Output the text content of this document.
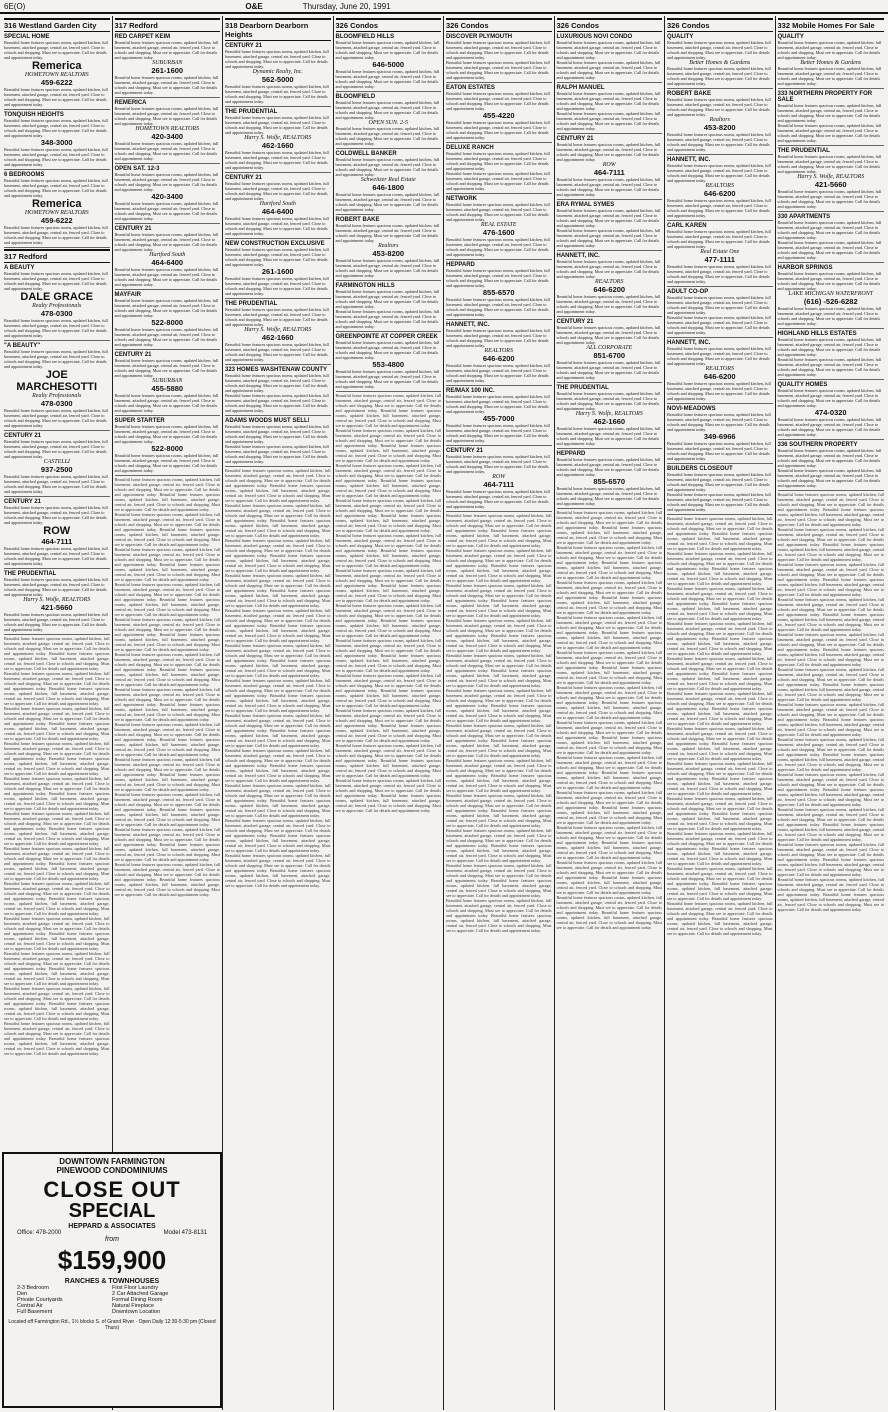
6E(O)	O&E	Thursday, June 20, 1991
316 Westland Garden City
SPECIAL HOME
Beautiful home features spacious rooms, updated kitchen, full basement, attached garage, central air, fenced yard. Close to schools and shopping. Must see to appreciate. Call for details and appointment today.
Remerica
HOMETOWN REALTORS
459-6222
Beautiful home features spacious rooms, updated kitchen, full basement, attached garage, central air, fenced yard. Close to schools and shopping. Must see to appreciate. Call for details and appointment today.
TONQUISH HEIGHTS
Beautiful home features spacious rooms, updated kitchen, full basement, attached garage, central air, fenced yard. Close to schools and shopping. Must see to appreciate. Call for details and appointment today.
348-3000
Beautiful home features spacious rooms, updated kitchen, full basement, attached garage, central air, fenced yard. Close to schools and shopping. Must see to appreciate. Call for details and appointment today.
6 BEDROOMS
Beautiful home features spacious rooms, updated kitchen, full basement, attached garage, central air, fenced yard. Close to schools and shopping. Must see to appreciate. Call for details and appointment today.
Remerica
HOMETOWN REALTORS
459-6222
Beautiful home features spacious rooms, updated kitchen, full basement, attached garage, central air, fenced yard. Close to schools and shopping. Must see to appreciate. Call for details and appointment today.
317 Redford
A BEAUTY
Beautiful home features spacious rooms, updated kitchen, full basement, attached garage, central air, fenced yard. Close to schools and shopping. Must see to appreciate. Call for details and appointment today.
DALE GRACE
Realty Professionals
478-0300
Beautiful home features spacious rooms, updated kitchen, full basement, attached garage, central air, fenced yard. Close to schools and shopping. Must see to appreciate. Call for details and appointment today.
"A BEAUTY"
Beautiful home features spacious rooms, updated kitchen, full basement, attached garage, central air, fenced yard. Close to schools and shopping. Must see to appreciate. Call for details and appointment today.
JOE MARCHESOTTI
Realty Professionals
478-0300
Beautiful home features spacious rooms, updated kitchen, full basement, attached garage, central air, fenced yard. Close to schools and shopping. Must see to appreciate. Call for details and appointment today.
CENTURY 21
Beautiful home features spacious rooms, updated kitchen, full basement, attached garage, central air, fenced yard. Close to schools and shopping. Must see to appreciate. Call for details and appointment today.
CASTELLI
937-2500
Beautiful home features spacious rooms, updated kitchen, full basement, attached garage, central air, fenced yard. Close to schools and shopping. Must see to appreciate. Call for details and appointment today.
CENTURY 21
Beautiful home features spacious rooms, updated kitchen, full basement, attached garage, central air, fenced yard. Close to schools and shopping. Must see to appreciate. Call for details and appointment today.
ROW
464-7111
Beautiful home features spacious rooms, updated kitchen, full basement, attached garage, central air, fenced yard. Close to schools and shopping. Must see to appreciate. Call for details and appointment today.
THE PRUDENTIAL
Beautiful home features spacious rooms, updated kitchen, full basement, attached garage, central air, fenced yard. Close to schools and shopping. Must see to appreciate. Call for details and appointment today.
Harry S. Wolfe, REALTORS
421-5660
Beautiful home features spacious rooms, updated kitchen, full basement, attached garage, central air, fenced yard. Close to schools and shopping. Must see to appreciate. Call for details and appointment today.
Beautiful home features spacious rooms, updated kitchen, full basement, attached garage, central air, fenced yard. Close to schools and shopping. Must see to appreciate. Call for details and appointment today. Beautiful home features spacious rooms, updated kitchen, full basement, attached garage, central air, fenced yard. Close to schools and shopping. Must see to appreciate. Call for details and appointment today.
Beautiful home features spacious rooms, updated kitchen, full basement, attached garage, central air, fenced yard. Close to schools and shopping. Must see to appreciate. Call for details and appointment today. Beautiful home features spacious rooms, updated kitchen, full basement, attached garage, central air, fenced yard. Close to schools and shopping. Must see to appreciate. Call for details and appointment today.
Beautiful home features spacious rooms, updated kitchen, full basement, attached garage, central air, fenced yard. Close to schools and shopping. Must see to appreciate. Call for details and appointment today. Beautiful home features spacious rooms, updated kitchen, full basement, attached garage, central air, fenced yard. Close to schools and shopping. Must see to appreciate. Call for details and appointment today.
Beautiful home features spacious rooms, updated kitchen, full basement, attached garage, central air, fenced yard. Close to schools and shopping. Must see to appreciate. Call for details and appointment today. Beautiful home features spacious rooms, updated kitchen, full basement, attached garage, central air, fenced yard. Close to schools and shopping. Must see to appreciate. Call for details and appointment today.
Beautiful home features spacious rooms, updated kitchen, full basement, attached garage, central air, fenced yard. Close to schools and shopping. Must see to appreciate. Call for details and appointment today. Beautiful home features spacious rooms, updated kitchen, full basement, attached garage, central air, fenced yard. Close to schools and shopping. Must see to appreciate. Call for details and appointment today.
Beautiful home features spacious rooms, updated kitchen, full basement, attached garage, central air, fenced yard. Close to schools and shopping. Must see to appreciate. Call for details and appointment today. Beautiful home features spacious rooms, updated kitchen, full basement, attached garage, central air, fenced yard. Close to schools and shopping. Must see to appreciate. Call for details and appointment today.
Beautiful home features spacious rooms, updated kitchen, full basement, attached garage, central air, fenced yard. Close to schools and shopping. Must see to appreciate. Call for details and appointment today. Beautiful home features spacious rooms, updated kitchen, full basement, attached garage, central air, fenced yard. Close to schools and shopping. Must see to appreciate. Call for details and appointment today.
Beautiful home features spacious rooms, updated kitchen, full basement, attached garage, central air, fenced yard. Close to schools and shopping. Must see to appreciate. Call for details and appointment today. Beautiful home features spacious rooms, updated kitchen, full basement, attached garage, central air, fenced yard. Close to schools and shopping. Must see to appreciate. Call for details and appointment today.
Beautiful home features spacious rooms, updated kitchen, full basement, attached garage, central air, fenced yard. Close to schools and shopping. Must see to appreciate. Call for details and appointment today. Beautiful home features spacious rooms, updated kitchen, full basement, attached garage, central air, fenced yard. Close to schools and shopping. Must see to appreciate. Call for details and appointment today.
Beautiful home features spacious rooms, updated kitchen, full basement, attached garage, central air, fenced yard. Close to schools and shopping. Must see to appreciate. Call for details and appointment today. Beautiful home features spacious rooms, updated kitchen, full basement, attached garage, central air, fenced yard. Close to schools and shopping. Must see to appreciate. Call for details and appointment today.
Beautiful home features spacious rooms, updated kitchen, full basement, attached garage, central air, fenced yard. Close to schools and shopping. Must see to appreciate. Call for details and appointment today. Beautiful home features spacious rooms, updated kitchen, full basement, attached garage, central air, fenced yard. Close to schools and shopping. Must see to appreciate. Call for details and appointment today.
Beautiful home features spacious rooms, updated kitchen, full basement, attached garage, central air, fenced yard. Close to schools and shopping. Must see to appreciate. Call for details and appointment today. Beautiful home features spacious rooms, updated kitchen, full basement, attached garage, central air, fenced yard. Close to schools and shopping. Must see to appreciate. Call for details and appointment today.
317 Redford
RED CARPET KEIM
Beautiful home features spacious rooms, updated kitchen, full basement, attached garage, central air, fenced yard. Close to schools and shopping. Must see to appreciate. Call for details and appointment today.
SUBURBAN
261-1600
Beautiful home features spacious rooms, updated kitchen, full basement, attached garage, central air, fenced yard. Close to schools and shopping. Must see to appreciate. Call for details and appointment today.
REMERICA
Beautiful home features spacious rooms, updated kitchen, full basement, attached garage, central air, fenced yard. Close to schools and shopping. Must see to appreciate. Call for details and appointment today.
HOMETOWN REALTORS
420-3400
Beautiful home features spacious rooms, updated kitchen, full basement, attached garage, central air, fenced yard. Close to schools and shopping. Must see to appreciate. Call for details and appointment today.
OPEN SAT. 12-3
Beautiful home features spacious rooms, updated kitchen, full basement, attached garage, central air, fenced yard. Close to schools and shopping. Must see to appreciate. Call for details and appointment today.
420-3400
Beautiful home features spacious rooms, updated kitchen, full basement, attached garage, central air, fenced yard. Close to schools and shopping. Must see to appreciate. Call for details and appointment today.
CENTURY 21
Beautiful home features spacious rooms, updated kitchen, full basement, attached garage, central air, fenced yard. Close to schools and shopping. Must see to appreciate. Call for details and appointment today.
Hartford South
464-6400
Beautiful home features spacious rooms, updated kitchen, full basement, attached garage, central air, fenced yard. Close to schools and shopping. Must see to appreciate. Call for details and appointment today.
MAYFAIR
Beautiful home features spacious rooms, updated kitchen, full basement, attached garage, central air, fenced yard. Close to schools and shopping. Must see to appreciate. Call for details and appointment today.
522-8000
Beautiful home features spacious rooms, updated kitchen, full basement, attached garage, central air, fenced yard. Close to schools and shopping. Must see to appreciate. Call for details and appointment today.
CENTURY 21
Beautiful home features spacious rooms, updated kitchen, full basement, attached garage, central air, fenced yard. Close to schools and shopping. Must see to appreciate. Call for details and appointment today.
SUBURBAN
455-5880
Beautiful home features spacious rooms, updated kitchen, full basement, attached garage, central air, fenced yard. Close to schools and shopping. Must see to appreciate. Call for details and appointment today.
SUPER STARTER
Beautiful home features spacious rooms, updated kitchen, full basement, attached garage, central air, fenced yard. Close to schools and shopping. Must see to appreciate. Call for details and appointment today.
522-8000
Beautiful home features spacious rooms, updated kitchen, full basement, attached garage, central air, fenced yard. Close to schools and shopping. Must see to appreciate. Call for details and appointment today.
Beautiful home features spacious rooms, updated kitchen, full basement, attached garage, central air, fenced yard. Close to schools and shopping. Must see to appreciate. Call for details and appointment today. Beautiful home features spacious rooms, updated kitchen, full basement, attached garage, central air, fenced yard. Close to schools and shopping. Must see to appreciate. Call for details and appointment today.
Beautiful home features spacious rooms, updated kitchen, full basement, attached garage, central air, fenced yard. Close to schools and shopping. Must see to appreciate. Call for details and appointment today. Beautiful home features spacious rooms, updated kitchen, full basement, attached garage, central air, fenced yard. Close to schools and shopping. Must see to appreciate. Call for details and appointment today.
Beautiful home features spacious rooms, updated kitchen, full basement, attached garage, central air, fenced yard. Close to schools and shopping. Must see to appreciate. Call for details and appointment today. Beautiful home features spacious rooms, updated kitchen, full basement, attached garage, central air, fenced yard. Close to schools and shopping. Must see to appreciate. Call for details and appointment today.
Beautiful home features spacious rooms, updated kitchen, full basement, attached garage, central air, fenced yard. Close to schools and shopping. Must see to appreciate. Call for details and appointment today. Beautiful home features spacious rooms, updated kitchen, full basement, attached garage, central air, fenced yard. Close to schools and shopping. Must see to appreciate. Call for details and appointment today.
Beautiful home features spacious rooms, updated kitchen, full basement, attached garage, central air, fenced yard. Close to schools and shopping. Must see to appreciate. Call for details and appointment today. Beautiful home features spacious rooms, updated kitchen, full basement, attached garage, central air, fenced yard. Close to schools and shopping. Must see to appreciate. Call for details and appointment today.
Beautiful home features spacious rooms, updated kitchen, full basement, attached garage, central air, fenced yard. Close to schools and shopping. Must see to appreciate. Call for details and appointment today. Beautiful home features spacious rooms, updated kitchen, full basement, attached garage, central air, fenced yard. Close to schools and shopping. Must see to appreciate. Call for details and appointment today.
Beautiful home features spacious rooms, updated kitchen, full basement, attached garage, central air, fenced yard. Close to schools and shopping. Must see to appreciate. Call for details and appointment today. Beautiful home features spacious rooms, updated kitchen, full basement, attached garage, central air, fenced yard. Close to schools and shopping. Must see to appreciate. Call for details and appointment today.
Beautiful home features spacious rooms, updated kitchen, full basement, attached garage, central air, fenced yard. Close to schools and shopping. Must see to appreciate. Call for details and appointment today. Beautiful home features spacious rooms, updated kitchen, full basement, attached garage, central air, fenced yard. Close to schools and shopping. Must see to appreciate. Call for details and appointment today.
Beautiful home features spacious rooms, updated kitchen, full basement, attached garage, central air, fenced yard. Close to schools and shopping. Must see to appreciate. Call for details and appointment today. Beautiful home features spacious rooms, updated kitchen, full basement, attached garage, central air, fenced yard. Close to schools and shopping. Must see to appreciate. Call for details and appointment today.
Beautiful home features spacious rooms, updated kitchen, full basement, attached garage, central air, fenced yard. Close to schools and shopping. Must see to appreciate. Call for details and appointment today. Beautiful home features spacious rooms, updated kitchen, full basement, attached garage, central air, fenced yard. Close to schools and shopping. Must see to appreciate. Call for details and appointment today.
Beautiful home features spacious rooms, updated kitchen, full basement, attached garage, central air, fenced yard. Close to schools and shopping. Must see to appreciate. Call for details and appointment today. Beautiful home features spacious rooms, updated kitchen, full basement, attached garage, central air, fenced yard. Close to schools and shopping. Must see to appreciate. Call for details and appointment today.
Beautiful home features spacious rooms, updated kitchen, full basement, attached garage, central air, fenced yard. Close to schools and shopping. Must see to appreciate. Call for details and appointment today. Beautiful home features spacious rooms, updated kitchen, full basement, attached garage, central air, fenced yard. Close to schools and shopping. Must see to appreciate. Call for details and appointment today.
318 Dearborn Dearborn Heights
CENTURY 21
Beautiful home features spacious rooms, updated kitchen, full basement, attached garage, central air, fenced yard. Close to schools and shopping. Must see to appreciate. Call for details and appointment today.
Dynamic Realty, Inc.
562-5000
Beautiful home features spacious rooms, updated kitchen, full basement, attached garage, central air, fenced yard. Close to schools and shopping. Must see to appreciate. Call for details and appointment today.
THE PRUDENTIAL
Beautiful home features spacious rooms, updated kitchen, full basement, attached garage, central air, fenced yard. Close to schools and shopping. Must see to appreciate. Call for details and appointment today.
Harry S. Wolfe, REALTORS
462-1660
Beautiful home features spacious rooms, updated kitchen, full basement, attached garage, central air, fenced yard. Close to schools and shopping. Must see to appreciate. Call for details and appointment today.
CENTURY 21
Beautiful home features spacious rooms, updated kitchen, full basement, attached garage, central air, fenced yard. Close to schools and shopping. Must see to appreciate. Call for details and appointment today.
Hartford South
464-6400
Beautiful home features spacious rooms, updated kitchen, full basement, attached garage, central air, fenced yard. Close to schools and shopping. Must see to appreciate. Call for details and appointment today.
NEW CONSTRUCTION EXCLUSIVE
Beautiful home features spacious rooms, updated kitchen, full basement, attached garage, central air, fenced yard. Close to schools and shopping. Must see to appreciate. Call for details and appointment today.
261-1600
Beautiful home features spacious rooms, updated kitchen, full basement, attached garage, central air, fenced yard. Close to schools and shopping. Must see to appreciate. Call for details and appointment today.
THE PRUDENTIAL
Beautiful home features spacious rooms, updated kitchen, full basement, attached garage, central air, fenced yard. Close to schools and shopping. Must see to appreciate. Call for details and appointment today.
Harry S. Wolfe, REALTORS
462-1660
Beautiful home features spacious rooms, updated kitchen, full basement, attached garage, central air, fenced yard. Close to schools and shopping. Must see to appreciate. Call for details and appointment today.
323 HOMES WASHTENAW COUNTY
Beautiful home features spacious rooms, updated kitchen, full basement, attached garage, central air, fenced yard. Close to schools and shopping. Must see to appreciate. Call for details and appointment today.
Beautiful home features spacious rooms, updated kitchen, full basement, attached garage, central air, fenced yard. Close to schools and shopping. Must see to appreciate. Call for details and appointment today.
ADAMS WOODS MUST SELL!
Beautiful home features spacious rooms, updated kitchen, full basement, attached garage, central air, fenced yard. Close to schools and shopping. Must see to appreciate. Call for details and appointment today.
Beautiful home features spacious rooms, updated kitchen, full basement, attached garage, central air, fenced yard. Close to schools and shopping. Must see to appreciate. Call for details and appointment today.
Beautiful home features spacious rooms, updated kitchen, full basement, attached garage, central air, fenced yard. Close to schools and shopping. Must see to appreciate. Call for details and appointment today. Beautiful home features spacious rooms, updated kitchen, full basement, attached garage, central air, fenced yard. Close to schools and shopping. Must see to appreciate. Call for details and appointment today.
Beautiful home features spacious rooms, updated kitchen, full basement, attached garage, central air, fenced yard. Close to schools and shopping. Must see to appreciate. Call for details and appointment today. Beautiful home features spacious rooms, updated kitchen, full basement, attached garage, central air, fenced yard. Close to schools and shopping. Must see to appreciate. Call for details and appointment today.
Beautiful home features spacious rooms, updated kitchen, full basement, attached garage, central air, fenced yard. Close to schools and shopping. Must see to appreciate. Call for details and appointment today. Beautiful home features spacious rooms, updated kitchen, full basement, attached garage, central air, fenced yard. Close to schools and shopping. Must see to appreciate. Call for details and appointment today.
Beautiful home features spacious rooms, updated kitchen, full basement, attached garage, central air, fenced yard. Close to schools and shopping. Must see to appreciate. Call for details and appointment today. Beautiful home features spacious rooms, updated kitchen, full basement, attached garage, central air, fenced yard. Close to schools and shopping. Must see to appreciate. Call for details and appointment today.
Beautiful home features spacious rooms, updated kitchen, full basement, attached garage, central air, fenced yard. Close to schools and shopping. Must see to appreciate. Call for details and appointment today. Beautiful home features spacious rooms, updated kitchen, full basement, attached garage, central air, fenced yard. Close to schools and shopping. Must see to appreciate. Call for details and appointment today.
Beautiful home features spacious rooms, updated kitchen, full basement, attached garage, central air, fenced yard. Close to schools and shopping. Must see to appreciate. Call for details and appointment today. Beautiful home features spacious rooms, updated kitchen, full basement, attached garage, central air, fenced yard. Close to schools and shopping. Must see to appreciate. Call for details and appointment today.
Beautiful home features spacious rooms, updated kitchen, full basement, attached garage, central air, fenced yard. Close to schools and shopping. Must see to appreciate. Call for details and appointment today. Beautiful home features spacious rooms, updated kitchen, full basement, attached garage, central air, fenced yard. Close to schools and shopping. Must see to appreciate. Call for details and appointment today.
Beautiful home features spacious rooms, updated kitchen, full basement, attached garage, central air, fenced yard. Close to schools and shopping. Must see to appreciate. Call for details and appointment today. Beautiful home features spacious rooms, updated kitchen, full basement, attached garage, central air, fenced yard. Close to schools and shopping. Must see to appreciate. Call for details and appointment today.
Beautiful home features spacious rooms, updated kitchen, full basement, attached garage, central air, fenced yard. Close to schools and shopping. Must see to appreciate. Call for details and appointment today. Beautiful home features spacious rooms, updated kitchen, full basement, attached garage, central air, fenced yard. Close to schools and shopping. Must see to appreciate. Call for details and appointment today.
Beautiful home features spacious rooms, updated kitchen, full basement, attached garage, central air, fenced yard. Close to schools and shopping. Must see to appreciate. Call for details and appointment today. Beautiful home features spacious rooms, updated kitchen, full basement, attached garage, central air, fenced yard. Close to schools and shopping. Must see to appreciate. Call for details and appointment today.
Beautiful home features spacious rooms, updated kitchen, full basement, attached garage, central air, fenced yard. Close to schools and shopping. Must see to appreciate. Call for details and appointment today. Beautiful home features spacious rooms, updated kitchen, full basement, attached garage, central air, fenced yard. Close to schools and shopping. Must see to appreciate. Call for details and appointment today.
Beautiful home features spacious rooms, updated kitchen, full basement, attached garage, central air, fenced yard. Close to schools and shopping. Must see to appreciate. Call for details and appointment today. Beautiful home features spacious rooms, updated kitchen, full basement, attached garage, central air, fenced yard. Close to schools and shopping. Must see to appreciate. Call for details and appointment today.
326 Condos
BLOOMFIELD HILLS
Beautiful home features spacious rooms, updated kitchen, full basement, attached garage, central air, fenced yard. Close to schools and shopping. Must see to appreciate. Call for details and appointment today.
646-5000
Beautiful home features spacious rooms, updated kitchen, full basement, attached garage, central air, fenced yard. Close to schools and shopping. Must see to appreciate. Call for details and appointment today.
BLOOMFIELD
Beautiful home features spacious rooms, updated kitchen, full basement, attached garage, central air, fenced yard. Close to schools and shopping. Must see to appreciate. Call for details and appointment today.
OPEN SUN. 2-5
Beautiful home features spacious rooms, updated kitchen, full basement, attached garage, central air, fenced yard. Close to schools and shopping. Must see to appreciate. Call for details and appointment today.
COLDWELL BANKER
Beautiful home features spacious rooms, updated kitchen, full basement, attached garage, central air, fenced yard. Close to schools and shopping. Must see to appreciate. Call for details and appointment today.
Schweitzer Real Estate
646-1800
Beautiful home features spacious rooms, updated kitchen, full basement, attached garage, central air, fenced yard. Close to schools and shopping. Must see to appreciate. Call for details and appointment today.
ROBERT BAKE
Beautiful home features spacious rooms, updated kitchen, full basement, attached garage, central air, fenced yard. Close to schools and shopping. Must see to appreciate. Call for details and appointment today.
Realtors
453-8200
Beautiful home features spacious rooms, updated kitchen, full basement, attached garage, central air, fenced yard. Close to schools and shopping. Must see to appreciate. Call for details and appointment today.
FARMINGTON HILLS
Beautiful home features spacious rooms, updated kitchen, full basement, attached garage, central air, fenced yard. Close to schools and shopping. Must see to appreciate. Call for details and appointment today.
Beautiful home features spacious rooms, updated kitchen, full basement, attached garage, central air, fenced yard. Close to schools and shopping. Must see to appreciate. Call for details and appointment today.
GREENPOINTE AT COPPER CREEK
Beautiful home features spacious rooms, updated kitchen, full basement, attached garage, central air, fenced yard. Close to schools and shopping. Must see to appreciate. Call for details and appointment today.
553-4800
Beautiful home features spacious rooms, updated kitchen, full basement, attached garage, central air, fenced yard. Close to schools and shopping. Must see to appreciate. Call for details and appointment today.
Beautiful home features spacious rooms, updated kitchen, full basement, attached garage, central air, fenced yard. Close to schools and shopping. Must see to appreciate. Call for details and appointment today. Beautiful home features spacious rooms, updated kitchen, full basement, attached garage, central air, fenced yard. Close to schools and shopping. Must see to appreciate. Call for details and appointment today.
Beautiful home features spacious rooms, updated kitchen, full basement, attached garage, central air, fenced yard. Close to schools and shopping. Must see to appreciate. Call for details and appointment today. Beautiful home features spacious rooms, updated kitchen, full basement, attached garage, central air, fenced yard. Close to schools and shopping. Must see to appreciate. Call for details and appointment today.
Beautiful home features spacious rooms, updated kitchen, full basement, attached garage, central air, fenced yard. Close to schools and shopping. Must see to appreciate. Call for details and appointment today. Beautiful home features spacious rooms, updated kitchen, full basement, attached garage, central air, fenced yard. Close to schools and shopping. Must see to appreciate. Call for details and appointment today.
Beautiful home features spacious rooms, updated kitchen, full basement, attached garage, central air, fenced yard. Close to schools and shopping. Must see to appreciate. Call for details and appointment today. Beautiful home features spacious rooms, updated kitchen, full basement, attached garage, central air, fenced yard. Close to schools and shopping. Must see to appreciate. Call for details and appointment today.
Beautiful home features spacious rooms, updated kitchen, full basement, attached garage, central air, fenced yard. Close to schools and shopping. Must see to appreciate. Call for details and appointment today. Beautiful home features spacious rooms, updated kitchen, full basement, attached garage, central air, fenced yard. Close to schools and shopping. Must see to appreciate. Call for details and appointment today.
Beautiful home features spacious rooms, updated kitchen, full basement, attached garage, central air, fenced yard. Close to schools and shopping. Must see to appreciate. Call for details and appointment today. Beautiful home features spacious rooms, updated kitchen, full basement, attached garage, central air, fenced yard. Close to schools and shopping. Must see to appreciate. Call for details and appointment today.
Beautiful home features spacious rooms, updated kitchen, full basement, attached garage, central air, fenced yard. Close to schools and shopping. Must see to appreciate. Call for details and appointment today. Beautiful home features spacious rooms, updated kitchen, full basement, attached garage, central air, fenced yard. Close to schools and shopping. Must see to appreciate. Call for details and appointment today.
Beautiful home features spacious rooms, updated kitchen, full basement, attached garage, central air, fenced yard. Close to schools and shopping. Must see to appreciate. Call for details and appointment today. Beautiful home features spacious rooms, updated kitchen, full basement, attached garage, central air, fenced yard. Close to schools and shopping. Must see to appreciate. Call for details and appointment today.
Beautiful home features spacious rooms, updated kitchen, full basement, attached garage, central air, fenced yard. Close to schools and shopping. Must see to appreciate. Call for details and appointment today. Beautiful home features spacious rooms, updated kitchen, full basement, attached garage, central air, fenced yard. Close to schools and shopping. Must see to appreciate. Call for details and appointment today.
Beautiful home features spacious rooms, updated kitchen, full basement, attached garage, central air, fenced yard. Close to schools and shopping. Must see to appreciate. Call for details and appointment today. Beautiful home features spacious rooms, updated kitchen, full basement, attached garage, central air, fenced yard. Close to schools and shopping. Must see to appreciate. Call for details and appointment today.
Beautiful home features spacious rooms, updated kitchen, full basement, attached garage, central air, fenced yard. Close to schools and shopping. Must see to appreciate. Call for details and appointment today. Beautiful home features spacious rooms, updated kitchen, full basement, attached garage, central air, fenced yard. Close to schools and shopping. Must see to appreciate. Call for details and appointment today.
Beautiful home features spacious rooms, updated kitchen, full basement, attached garage, central air, fenced yard. Close to schools and shopping. Must see to appreciate. Call for details and appointment today. Beautiful home features spacious rooms, updated kitchen, full basement, attached garage, central air, fenced yard. Close to schools and shopping. Must see to appreciate. Call for details and appointment today.
326 Condos
DISCOVER PLYMOUTH
Beautiful home features spacious rooms, updated kitchen, full basement, attached garage, central air, fenced yard. Close to schools and shopping. Must see to appreciate. Call for details and appointment today.
Beautiful home features spacious rooms, updated kitchen, full basement, attached garage, central air, fenced yard. Close to schools and shopping. Must see to appreciate. Call for details and appointment today.
EATON ESTATES
Beautiful home features spacious rooms, updated kitchen, full basement, attached garage, central air, fenced yard. Close to schools and shopping. Must see to appreciate. Call for details and appointment today.
455-4220
Beautiful home features spacious rooms, updated kitchen, full basement, attached garage, central air, fenced yard. Close to schools and shopping. Must see to appreciate. Call for details and appointment today.
DELUXE RANCH
Beautiful home features spacious rooms, updated kitchen, full basement, attached garage, central air, fenced yard. Close to schools and shopping. Must see to appreciate. Call for details and appointment today.
Beautiful home features spacious rooms, updated kitchen, full basement, attached garage, central air, fenced yard. Close to schools and shopping. Must see to appreciate. Call for details and appointment today.
NETWORK
Beautiful home features spacious rooms, updated kitchen, full basement, attached garage, central air, fenced yard. Close to schools and shopping. Must see to appreciate. Call for details and appointment today.
REAL ESTATE
476-1600
Beautiful home features spacious rooms, updated kitchen, full basement, attached garage, central air, fenced yard. Close to schools and shopping. Must see to appreciate. Call for details and appointment today.
HEPPARD
Beautiful home features spacious rooms, updated kitchen, full basement, attached garage, central air, fenced yard. Close to schools and shopping. Must see to appreciate. Call for details and appointment today.
855-6570
Beautiful home features spacious rooms, updated kitchen, full basement, attached garage, central air, fenced yard. Close to schools and shopping. Must see to appreciate. Call for details and appointment today.
HANNETT, INC.
Beautiful home features spacious rooms, updated kitchen, full basement, attached garage, central air, fenced yard. Close to schools and shopping. Must see to appreciate. Call for details and appointment today.
REALTORS
646-6200
Beautiful home features spacious rooms, updated kitchen, full basement, attached garage, central air, fenced yard. Close to schools and shopping. Must see to appreciate. Call for details and appointment today.
RE/MAX 100 INC.
Beautiful home features spacious rooms, updated kitchen, full basement, attached garage, central air, fenced yard. Close to schools and shopping. Must see to appreciate. Call for details and appointment today.
455-7000
Beautiful home features spacious rooms, updated kitchen, full basement, attached garage, central air, fenced yard. Close to schools and shopping. Must see to appreciate. Call for details and appointment today.
CENTURY 21
Beautiful home features spacious rooms, updated kitchen, full basement, attached garage, central air, fenced yard. Close to schools and shopping. Must see to appreciate. Call for details and appointment today.
ROW
464-7111
Beautiful home features spacious rooms, updated kitchen, full basement, attached garage, central air, fenced yard. Close to schools and shopping. Must see to appreciate. Call for details and appointment today.
Beautiful home features spacious rooms, updated kitchen, full basement, attached garage, central air, fenced yard. Close to schools and shopping. Must see to appreciate. Call for details and appointment today. Beautiful home features spacious rooms, updated kitchen, full basement, attached garage, central air, fenced yard. Close to schools and shopping. Must see to appreciate. Call for details and appointment today.
Beautiful home features spacious rooms, updated kitchen, full basement, attached garage, central air, fenced yard. Close to schools and shopping. Must see to appreciate. Call for details and appointment today. Beautiful home features spacious rooms, updated kitchen, full basement, attached garage, central air, fenced yard. Close to schools and shopping. Must see to appreciate. Call for details and appointment today.
Beautiful home features spacious rooms, updated kitchen, full basement, attached garage, central air, fenced yard. Close to schools and shopping. Must see to appreciate. Call for details and appointment today. Beautiful home features spacious rooms, updated kitchen, full basement, attached garage, central air, fenced yard. Close to schools and shopping. Must see to appreciate. Call for details and appointment today.
Beautiful home features spacious rooms, updated kitchen, full basement, attached garage, central air, fenced yard. Close to schools and shopping. Must see to appreciate. Call for details and appointment today. Beautiful home features spacious rooms, updated kitchen, full basement, attached garage, central air, fenced yard. Close to schools and shopping. Must see to appreciate. Call for details and appointment today.
Beautiful home features spacious rooms, updated kitchen, full basement, attached garage, central air, fenced yard. Close to schools and shopping. Must see to appreciate. Call for details and appointment today. Beautiful home features spacious rooms, updated kitchen, full basement, attached garage, central air, fenced yard. Close to schools and shopping. Must see to appreciate. Call for details and appointment today.
Beautiful home features spacious rooms, updated kitchen, full basement, attached garage, central air, fenced yard. Close to schools and shopping. Must see to appreciate. Call for details and appointment today. Beautiful home features spacious rooms, updated kitchen, full basement, attached garage, central air, fenced yard. Close to schools and shopping. Must see to appreciate. Call for details and appointment today.
Beautiful home features spacious rooms, updated kitchen, full basement, attached garage, central air, fenced yard. Close to schools and shopping. Must see to appreciate. Call for details and appointment today. Beautiful home features spacious rooms, updated kitchen, full basement, attached garage, central air, fenced yard. Close to schools and shopping. Must see to appreciate. Call for details and appointment today.
Beautiful home features spacious rooms, updated kitchen, full basement, attached garage, central air, fenced yard. Close to schools and shopping. Must see to appreciate. Call for details and appointment today. Beautiful home features spacious rooms, updated kitchen, full basement, attached garage, central air, fenced yard. Close to schools and shopping. Must see to appreciate. Call for details and appointment today.
Beautiful home features spacious rooms, updated kitchen, full basement, attached garage, central air, fenced yard. Close to schools and shopping. Must see to appreciate. Call for details and appointment today. Beautiful home features spacious rooms, updated kitchen, full basement, attached garage, central air, fenced yard. Close to schools and shopping. Must see to appreciate. Call for details and appointment today.
Beautiful home features spacious rooms, updated kitchen, full basement, attached garage, central air, fenced yard. Close to schools and shopping. Must see to appreciate. Call for details and appointment today. Beautiful home features spacious rooms, updated kitchen, full basement, attached garage, central air, fenced yard. Close to schools and shopping. Must see to appreciate. Call for details and appointment today.
Beautiful home features spacious rooms, updated kitchen, full basement, attached garage, central air, fenced yard. Close to schools and shopping. Must see to appreciate. Call for details and appointment today. Beautiful home features spacious rooms, updated kitchen, full basement, attached garage, central air, fenced yard. Close to schools and shopping. Must see to appreciate. Call for details and appointment today.
Beautiful home features spacious rooms, updated kitchen, full basement, attached garage, central air, fenced yard. Close to schools and shopping. Must see to appreciate. Call for details and appointment today. Beautiful home features spacious rooms, updated kitchen, full basement, attached garage, central air, fenced yard. Close to schools and shopping. Must see to appreciate. Call for details and appointment today.
326 Condos
LUXURIOUS NOVI CONDO
Beautiful home features spacious rooms, updated kitchen, full basement, attached garage, central air, fenced yard. Close to schools and shopping. Must see to appreciate. Call for details and appointment today.
Beautiful home features spacious rooms, updated kitchen, full basement, attached garage, central air, fenced yard. Close to schools and shopping. Must see to appreciate. Call for details and appointment today.
RALPH MANUEL
Beautiful home features spacious rooms, updated kitchen, full basement, attached garage, central air, fenced yard. Close to schools and shopping. Must see to appreciate. Call for details and appointment today.
Beautiful home features spacious rooms, updated kitchen, full basement, attached garage, central air, fenced yard. Close to schools and shopping. Must see to appreciate. Call for details and appointment today.
CENTURY 21
Beautiful home features spacious rooms, updated kitchen, full basement, attached garage, central air, fenced yard. Close to schools and shopping. Must see to appreciate. Call for details and appointment today.
ROW
464-7111
Beautiful home features spacious rooms, updated kitchen, full basement, attached garage, central air, fenced yard. Close to schools and shopping. Must see to appreciate. Call for details and appointment today.
ERA RYMAL SYMES
Beautiful home features spacious rooms, updated kitchen, full basement, attached garage, central air, fenced yard. Close to schools and shopping. Must see to appreciate. Call for details and appointment today.
Beautiful home features spacious rooms, updated kitchen, full basement, attached garage, central air, fenced yard. Close to schools and shopping. Must see to appreciate. Call for details and appointment today.
HANNETT, INC.
Beautiful home features spacious rooms, updated kitchen, full basement, attached garage, central air, fenced yard. Close to schools and shopping. Must see to appreciate. Call for details and appointment today.
REALTORS
646-6200
Beautiful home features spacious rooms, updated kitchen, full basement, attached garage, central air, fenced yard. Close to schools and shopping. Must see to appreciate. Call for details and appointment today.
CENTURY 21
Beautiful home features spacious rooms, updated kitchen, full basement, attached garage, central air, fenced yard. Close to schools and shopping. Must see to appreciate. Call for details and appointment today.
ALL CORPORATE
851-6700
Beautiful home features spacious rooms, updated kitchen, full basement, attached garage, central air, fenced yard. Close to schools and shopping. Must see to appreciate. Call for details and appointment today.
THE PRUDENTIAL
Beautiful home features spacious rooms, updated kitchen, full basement, attached garage, central air, fenced yard. Close to schools and shopping. Must see to appreciate. Call for details and appointment today.
Harry S. Wolfe, REALTORS
462-1660
Beautiful home features spacious rooms, updated kitchen, full basement, attached garage, central air, fenced yard. Close to schools and shopping. Must see to appreciate. Call for details and appointment today.
HEPPARD
Beautiful home features spacious rooms, updated kitchen, full basement, attached garage, central air, fenced yard. Close to schools and shopping. Must see to appreciate. Call for details and appointment today.
855-6570
Beautiful home features spacious rooms, updated kitchen, full basement, attached garage, central air, fenced yard. Close to schools and shopping. Must see to appreciate. Call for details and appointment today.
Beautiful home features spacious rooms, updated kitchen, full basement, attached garage, central air, fenced yard. Close to schools and shopping. Must see to appreciate. Call for details and appointment today. Beautiful home features spacious rooms, updated kitchen, full basement, attached garage, central air, fenced yard. Close to schools and shopping. Must see to appreciate. Call for details and appointment today.
Beautiful home features spacious rooms, updated kitchen, full basement, attached garage, central air, fenced yard. Close to schools and shopping. Must see to appreciate. Call for details and appointment today. Beautiful home features spacious rooms, updated kitchen, full basement, attached garage, central air, fenced yard. Close to schools and shopping. Must see to appreciate. Call for details and appointment today.
Beautiful home features spacious rooms, updated kitchen, full basement, attached garage, central air, fenced yard. Close to schools and shopping. Must see to appreciate. Call for details and appointment today. Beautiful home features spacious rooms, updated kitchen, full basement, attached garage, central air, fenced yard. Close to schools and shopping. Must see to appreciate. Call for details and appointment today.
Beautiful home features spacious rooms, updated kitchen, full basement, attached garage, central air, fenced yard. Close to schools and shopping. Must see to appreciate. Call for details and appointment today. Beautiful home features spacious rooms, updated kitchen, full basement, attached garage, central air, fenced yard. Close to schools and shopping. Must see to appreciate. Call for details and appointment today.
Beautiful home features spacious rooms, updated kitchen, full basement, attached garage, central air, fenced yard. Close to schools and shopping. Must see to appreciate. Call for details and appointment today. Beautiful home features spacious rooms, updated kitchen, full basement, attached garage, central air, fenced yard. Close to schools and shopping. Must see to appreciate. Call for details and appointment today.
Beautiful home features spacious rooms, updated kitchen, full basement, attached garage, central air, fenced yard. Close to schools and shopping. Must see to appreciate. Call for details and appointment today. Beautiful home features spacious rooms, updated kitchen, full basement, attached garage, central air, fenced yard. Close to schools and shopping. Must see to appreciate. Call for details and appointment today.
Beautiful home features spacious rooms, updated kitchen, full basement, attached garage, central air, fenced yard. Close to schools and shopping. Must see to appreciate. Call for details and appointment today. Beautiful home features spacious rooms, updated kitchen, full basement, attached garage, central air, fenced yard. Close to schools and shopping. Must see to appreciate. Call for details and appointment today.
Beautiful home features spacious rooms, updated kitchen, full basement, attached garage, central air, fenced yard. Close to schools and shopping. Must see to appreciate. Call for details and appointment today. Beautiful home features spacious rooms, updated kitchen, full basement, attached garage, central air, fenced yard. Close to schools and shopping. Must see to appreciate. Call for details and appointment today.
Beautiful home features spacious rooms, updated kitchen, full basement, attached garage, central air, fenced yard. Close to schools and shopping. Must see to appreciate. Call for details and appointment today. Beautiful home features spacious rooms, updated kitchen, full basement, attached garage, central air, fenced yard. Close to schools and shopping. Must see to appreciate. Call for details and appointment today.
Beautiful home features spacious rooms, updated kitchen, full basement, attached garage, central air, fenced yard. Close to schools and shopping. Must see to appreciate. Call for details and appointment today. Beautiful home features spacious rooms, updated kitchen, full basement, attached garage, central air, fenced yard. Close to schools and shopping. Must see to appreciate. Call for details and appointment today.
Beautiful home features spacious rooms, updated kitchen, full basement, attached garage, central air, fenced yard. Close to schools and shopping. Must see to appreciate. Call for details and appointment today. Beautiful home features spacious rooms, updated kitchen, full basement, attached garage, central air, fenced yard. Close to schools and shopping. Must see to appreciate. Call for details and appointment today.
Beautiful home features spacious rooms, updated kitchen, full basement, attached garage, central air, fenced yard. Close to schools and shopping. Must see to appreciate. Call for details and appointment today. Beautiful home features spacious rooms, updated kitchen, full basement, attached garage, central air, fenced yard. Close to schools and shopping. Must see to appreciate. Call for details and appointment today.
326 Condos
QUALITY
Beautiful home features spacious rooms, updated kitchen, full basement, attached garage, central air, fenced yard. Close to schools and shopping. Must see to appreciate. Call for details and appointment today.
Better Homes & Gardens
Beautiful home features spacious rooms, updated kitchen, full basement, attached garage, central air, fenced yard. Close to schools and shopping. Must see to appreciate. Call for details and appointment today.
ROBERT BAKE
Beautiful home features spacious rooms, updated kitchen, full basement, attached garage, central air, fenced yard. Close to schools and shopping. Must see to appreciate. Call for details and appointment today.
Realtors
453-8200
Beautiful home features spacious rooms, updated kitchen, full basement, attached garage, central air, fenced yard. Close to schools and shopping. Must see to appreciate. Call for details and appointment today.
HANNETT, INC.
Beautiful home features spacious rooms, updated kitchen, full basement, attached garage, central air, fenced yard. Close to schools and shopping. Must see to appreciate. Call for details and appointment today.
REALTORS
646-6200
Beautiful home features spacious rooms, updated kitchen, full basement, attached garage, central air, fenced yard. Close to schools and shopping. Must see to appreciate. Call for details and appointment today.
CARL KAREN
Beautiful home features spacious rooms, updated kitchen, full basement, attached garage, central air, fenced yard. Close to schools and shopping. Must see to appreciate. Call for details and appointment today.
Real Estate One
477-1111
Beautiful home features spacious rooms, updated kitchen, full basement, attached garage, central air, fenced yard. Close to schools and shopping. Must see to appreciate. Call for details and appointment today.
ADULT CO-OP
Beautiful home features spacious rooms, updated kitchen, full basement, attached garage, central air, fenced yard. Close to schools and shopping. Must see to appreciate. Call for details and appointment today.
Beautiful home features spacious rooms, updated kitchen, full basement, attached garage, central air, fenced yard. Close to schools and shopping. Must see to appreciate. Call for details and appointment today.
HANNETT, INC.
Beautiful home features spacious rooms, updated kitchen, full basement, attached garage, central air, fenced yard. Close to schools and shopping. Must see to appreciate. Call for details and appointment today.
REALTORS
646-6200
Beautiful home features spacious rooms, updated kitchen, full basement, attached garage, central air, fenced yard. Close to schools and shopping. Must see to appreciate. Call for details and appointment today.
NOVI-MEADOWS
Beautiful home features spacious rooms, updated kitchen, full basement, attached garage, central air, fenced yard. Close to schools and shopping. Must see to appreciate. Call for details and appointment today.
349-6966
Beautiful home features spacious rooms, updated kitchen, full basement, attached garage, central air, fenced yard. Close to schools and shopping. Must see to appreciate. Call for details and appointment today.
BUILDERS CLOSEOUT
Beautiful home features spacious rooms, updated kitchen, full basement, attached garage, central air, fenced yard. Close to schools and shopping. Must see to appreciate. Call for details and appointment today.
Beautiful home features spacious rooms, updated kitchen, full basement, attached garage, central air, fenced yard. Close to schools and shopping. Must see to appreciate. Call for details and appointment today.
Beautiful home features spacious rooms, updated kitchen, full basement, attached garage, central air, fenced yard. Close to schools and shopping. Must see to appreciate. Call for details and appointment today. Beautiful home features spacious rooms, updated kitchen, full basement, attached garage, central air, fenced yard. Close to schools and shopping. Must see to appreciate. Call for details and appointment today.
Beautiful home features spacious rooms, updated kitchen, full basement, attached garage, central air, fenced yard. Close to schools and shopping. Must see to appreciate. Call for details and appointment today. Beautiful home features spacious rooms, updated kitchen, full basement, attached garage, central air, fenced yard. Close to schools and shopping. Must see to appreciate. Call for details and appointment today.
Beautiful home features spacious rooms, updated kitchen, full basement, attached garage, central air, fenced yard. Close to schools and shopping. Must see to appreciate. Call for details and appointment today. Beautiful home features spacious rooms, updated kitchen, full basement, attached garage, central air, fenced yard. Close to schools and shopping. Must see to appreciate. Call for details and appointment today.
Beautiful home features spacious rooms, updated kitchen, full basement, attached garage, central air, fenced yard. Close to schools and shopping. Must see to appreciate. Call for details and appointment today. Beautiful home features spacious rooms, updated kitchen, full basement, attached garage, central air, fenced yard. Close to schools and shopping. Must see to appreciate. Call for details and appointment today.
Beautiful home features spacious rooms, updated kitchen, full basement, attached garage, central air, fenced yard. Close to schools and shopping. Must see to appreciate. Call for details and appointment today. Beautiful home features spacious rooms, updated kitchen, full basement, attached garage, central air, fenced yard. Close to schools and shopping. Must see to appreciate. Call for details and appointment today.
Beautiful home features spacious rooms, updated kitchen, full basement, attached garage, central air, fenced yard. Close to schools and shopping. Must see to appreciate. Call for details and appointment today. Beautiful home features spacious rooms, updated kitchen, full basement, attached garage, central air, fenced yard. Close to schools and shopping. Must see to appreciate. Call for details and appointment today.
Beautiful home features spacious rooms, updated kitchen, full basement, attached garage, central air, fenced yard. Close to schools and shopping. Must see to appreciate. Call for details and appointment today. Beautiful home features spacious rooms, updated kitchen, full basement, attached garage, central air, fenced yard. Close to schools and shopping. Must see to appreciate. Call for details and appointment today.
Beautiful home features spacious rooms, updated kitchen, full basement, attached garage, central air, fenced yard. Close to schools and shopping. Must see to appreciate. Call for details and appointment today. Beautiful home features spacious rooms, updated kitchen, full basement, attached garage, central air, fenced yard. Close to schools and shopping. Must see to appreciate. Call for details and appointment today.
Beautiful home features spacious rooms, updated kitchen, full basement, attached garage, central air, fenced yard. Close to schools and shopping. Must see to appreciate. Call for details and appointment today. Beautiful home features spacious rooms, updated kitchen, full basement, attached garage, central air, fenced yard. Close to schools and shopping. Must see to appreciate. Call for details and appointment today.
Beautiful home features spacious rooms, updated kitchen, full basement, attached garage, central air, fenced yard. Close to schools and shopping. Must see to appreciate. Call for details and appointment today. Beautiful home features spacious rooms, updated kitchen, full basement, attached garage, central air, fenced yard. Close to schools and shopping. Must see to appreciate. Call for details and appointment today.
Beautiful home features spacious rooms, updated kitchen, full basement, attached garage, central air, fenced yard. Close to schools and shopping. Must see to appreciate. Call for details and appointment today. Beautiful home features spacious rooms, updated kitchen, full basement, attached garage, central air, fenced yard. Close to schools and shopping. Must see to appreciate. Call for details and appointment today.
Beautiful home features spacious rooms, updated kitchen, full basement, attached garage, central air, fenced yard. Close to schools and shopping. Must see to appreciate. Call for details and appointment today. Beautiful home features spacious rooms, updated kitchen, full basement, attached garage, central air, fenced yard. Close to schools and shopping. Must see to appreciate. Call for details and appointment today.
332 Mobile Homes For Sale
QUALITY
Beautiful home features spacious rooms, updated kitchen, full basement, attached garage, central air, fenced yard. Close to schools and shopping. Must see to appreciate. Call for details and appointment today.
Better Homes & Gardens
Beautiful home features spacious rooms, updated kitchen, full basement, attached garage, central air, fenced yard. Close to schools and shopping. Must see to appreciate. Call for details and appointment today.
333 NORTHERN PROPERTY FOR SALE
Beautiful home features spacious rooms, updated kitchen, full basement, attached garage, central air, fenced yard. Close to schools and shopping. Must see to appreciate. Call for details and appointment today.
Beautiful home features spacious rooms, updated kitchen, full basement, attached garage, central air, fenced yard. Close to schools and shopping. Must see to appreciate. Call for details and appointment today.
THE PRUDENTIAL
Beautiful home features spacious rooms, updated kitchen, full basement, attached garage, central air, fenced yard. Close to schools and shopping. Must see to appreciate. Call for details and appointment today.
Harry S. Wolfe, REALTORS
421-5660
Beautiful home features spacious rooms, updated kitchen, full basement, attached garage, central air, fenced yard. Close to schools and shopping. Must see to appreciate. Call for details and appointment today.
330 APARTMENTS
Beautiful home features spacious rooms, updated kitchen, full basement, attached garage, central air, fenced yard. Close to schools and shopping. Must see to appreciate. Call for details and appointment today.
Beautiful home features spacious rooms, updated kitchen, full basement, attached garage, central air, fenced yard. Close to schools and shopping. Must see to appreciate. Call for details and appointment today.
HARBOR SPRINGS
Beautiful home features spacious rooms, updated kitchen, full basement, attached garage, central air, fenced yard. Close to schools and shopping. Must see to appreciate. Call for details and appointment today.
LAKE MICHIGAN WATERFRONT
(616) -526-6282
Beautiful home features spacious rooms, updated kitchen, full basement, attached garage, central air, fenced yard. Close to schools and shopping. Must see to appreciate. Call for details and appointment today.
HIGHLAND HILLS ESTATES
Beautiful home features spacious rooms, updated kitchen, full basement, attached garage, central air, fenced yard. Close to schools and shopping. Must see to appreciate. Call for details and appointment today.
Beautiful home features spacious rooms, updated kitchen, full basement, attached garage, central air, fenced yard. Close to schools and shopping. Must see to appreciate. Call for details and appointment today.
QUALITY HOMES
Beautiful home features spacious rooms, updated kitchen, full basement, attached garage, central air, fenced yard. Close to schools and shopping. Must see to appreciate. Call for details and appointment today.
474-0320
Beautiful home features spacious rooms, updated kitchen, full basement, attached garage, central air, fenced yard. Close to schools and shopping. Must see to appreciate. Call for details and appointment today.
336 SOUTHERN PROPERTY
Beautiful home features spacious rooms, updated kitchen, full basement, attached garage, central air, fenced yard. Close to schools and shopping. Must see to appreciate. Call for details and appointment today.
Beautiful home features spacious rooms, updated kitchen, full basement, attached garage, central air, fenced yard. Close to schools and shopping. Must see to appreciate. Call for details and appointment today.
Beautiful home features spacious rooms, updated kitchen, full basement, attached garage, central air, fenced yard. Close to schools and shopping. Must see to appreciate. Call for details and appointment today. Beautiful home features spacious rooms, updated kitchen, full basement, attached garage, central air, fenced yard. Close to schools and shopping. Must see to appreciate. Call for details and appointment today.
Beautiful home features spacious rooms, updated kitchen, full basement, attached garage, central air, fenced yard. Close to schools and shopping. Must see to appreciate. Call for details and appointment today. Beautiful home features spacious rooms, updated kitchen, full basement, attached garage, central air, fenced yard. Close to schools and shopping. Must see to appreciate. Call for details and appointment today.
Beautiful home features spacious rooms, updated kitchen, full basement, attached garage, central air, fenced yard. Close to schools and shopping. Must see to appreciate. Call for details and appointment today. Beautiful home features spacious rooms, updated kitchen, full basement, attached garage, central air, fenced yard. Close to schools and shopping. Must see to appreciate. Call for details and appointment today.
Beautiful home features spacious rooms, updated kitchen, full basement, attached garage, central air, fenced yard. Close to schools and shopping. Must see to appreciate. Call for details and appointment today. Beautiful home features spacious rooms, updated kitchen, full basement, attached garage, central air, fenced yard. Close to schools and shopping. Must see to appreciate. Call for details and appointment today.
Beautiful home features spacious rooms, updated kitchen, full basement, attached garage, central air, fenced yard. Close to schools and shopping. Must see to appreciate. Call for details and appointment today. Beautiful home features spacious rooms, updated kitchen, full basement, attached garage, central air, fenced yard. Close to schools and shopping. Must see to appreciate. Call for details and appointment today.
Beautiful home features spacious rooms, updated kitchen, full basement, attached garage, central air, fenced yard. Close to schools and shopping. Must see to appreciate. Call for details and appointment today. Beautiful home features spacious rooms, updated kitchen, full basement, attached garage, central air, fenced yard. Close to schools and shopping. Must see to appreciate. Call for details and appointment today.
Beautiful home features spacious rooms, updated kitchen, full basement, attached garage, central air, fenced yard. Close to schools and shopping. Must see to appreciate. Call for details and appointment today. Beautiful home features spacious rooms, updated kitchen, full basement, attached garage, central air, fenced yard. Close to schools and shopping. Must see to appreciate. Call for details and appointment today.
Beautiful home features spacious rooms, updated kitchen, full basement, attached garage, central air, fenced yard. Close to schools and shopping. Must see to appreciate. Call for details and appointment today. Beautiful home features spacious rooms, updated kitchen, full basement, attached garage, central air, fenced yard. Close to schools and shopping. Must see to appreciate. Call for details and appointment today.
Beautiful home features spacious rooms, updated kitchen, full basement, attached garage, central air, fenced yard. Close to schools and shopping. Must see to appreciate. Call for details and appointment today. Beautiful home features spacious rooms, updated kitchen, full basement, attached garage, central air, fenced yard. Close to schools and shopping. Must see to appreciate. Call for details and appointment today.
Beautiful home features spacious rooms, updated kitchen, full basement, attached garage, central air, fenced yard. Close to schools and shopping. Must see to appreciate. Call for details and appointment today. Beautiful home features spacious rooms, updated kitchen, full basement, attached garage, central air, fenced yard. Close to schools and shopping. Must see to appreciate. Call for details and appointment today.
Beautiful home features spacious rooms, updated kitchen, full basement, attached garage, central air, fenced yard. Close to schools and shopping. Must see to appreciate. Call for details and appointment today. Beautiful home features spacious rooms, updated kitchen, full basement, attached garage, central air, fenced yard. Close to schools and shopping. Must see to appreciate. Call for details and appointment today.
Beautiful home features spacious rooms, updated kitchen, full basement, attached garage, central air, fenced yard. Close to schools and shopping. Must see to appreciate. Call for details and appointment today. Beautiful home features spacious rooms, updated kitchen, full basement, attached garage, central air, fenced yard. Close to schools and shopping. Must see to appreciate. Call for details and appointment today.
DOWNTOWN FARMINGTON
PINEWOOD CONDOMINIUMS
CLOSE OUT
SPECIAL
HEPPARD & ASSOCIATES
Office: 478-2000	Model 473-8131
from
$159,900
RANCHES & TOWNHOUSES
2-3 Bedroom	First Floor Laundry
Den	2 Car Attached Garage
Private Courtyards	Formal Dining Room
Central Air	Natural Fireplace
Full Basement	Downtown Location
Located off Farmington Rd., 1½ blocks S. of Grand River · Open Daily 12:30-5:30 pm (Closed Thurs)
